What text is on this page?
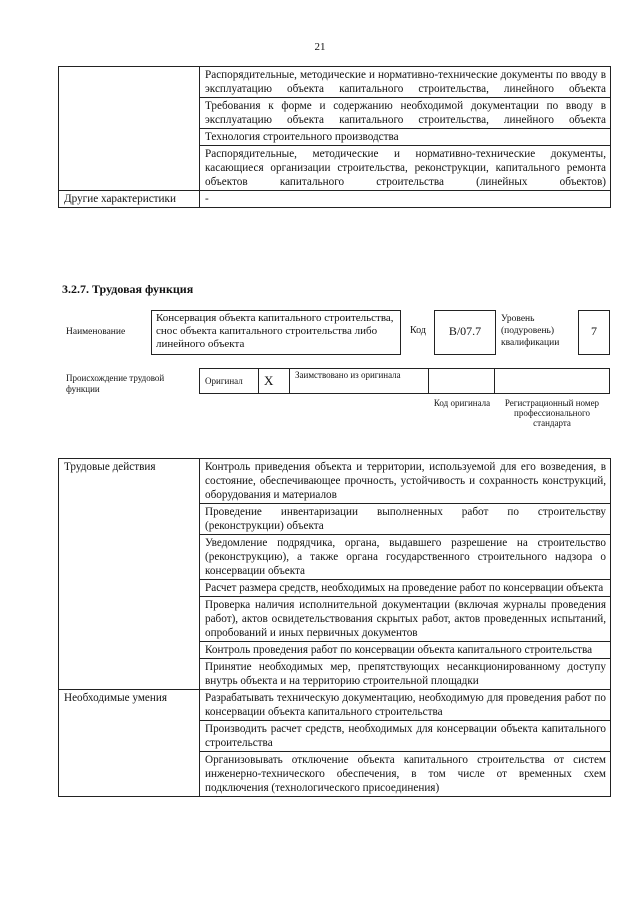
21
	Распорядительные, методические и нормативно-технические документы по вводу в эксплуатацию объекта капитального строительства, линейного объекта
	Требования к форме и содержанию необходимой документации по вводу в эксплуатацию объекта капитального строительства, линейного объекта
	Технология строительного производства
	Распорядительные, методические и нормативно-технические документы, касающиеся организации строительства, реконструкции, капитального ремонта объектов капитального строительства (линейных объектов)
Другие характеристики	-
3.2.7. Трудовая функция
Наименование
Консервация объекта капитального строительства, снос объекта капитального строительства либо линейного объекта
Код	B/07.7
Уровень (подуровень) квалификации
7
Происхождение трудовой функции
Оригинал	X	Заимствовано из оригинала		
Код оригинала	Регистрационный номер профессионального стандарта
Трудовые действия	Контроль приведения объекта и территории, используемой для его возведения, в состояние, обеспечивающее прочность, устойчивость и сохранность конструкций, оборудования и материалов
	Проведение инвентаризации выполненных работ по строительству (реконструкции) объекта
	Уведомление подрядчика, органа, выдавшего разрешение на строительство (реконструкцию), а также органа государственного строительного надзора о консервации объекта
	Расчет размера средств, необходимых на проведение работ по консервации объекта
	Проверка наличия исполнительной документации (включая журналы проведения работ), актов освидетельствования скрытых работ, актов проведенных испытаний, опробований и иных первичных документов
	Контроль проведения работ по консервации объекта капитального строительства
	Принятие необходимых мер, препятствующих несанкционированному доступу внутрь объекта и на территорию строительной площадки
Необходимые умения	Разрабатывать техническую документацию, необходимую для проведения работ по консервации объекта капитального строительства
	Производить расчет средств, необходимых для консервации объекта капитального строительства
	Организовывать отключение объекта капитального строительства от систем инженерно-технического обеспечения, в том числе от временных схем подключения (технологического присоединения)
